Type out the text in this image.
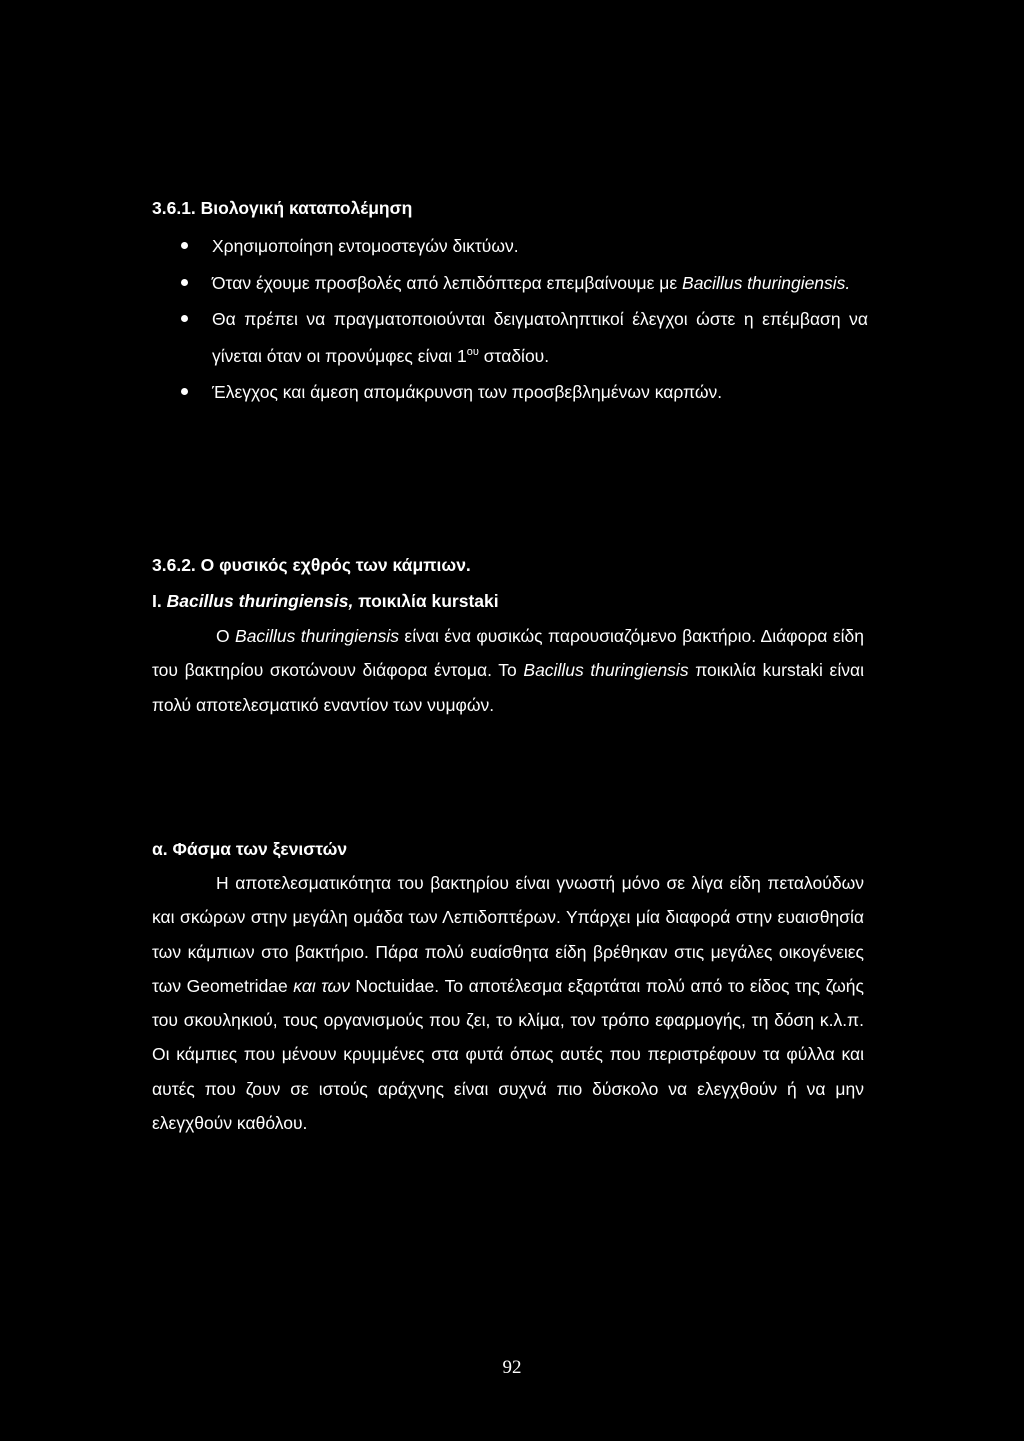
3.6.1. Βιολογική καταπολέμηση
Χρησιμοποίηση εντομοστεγών δικτύων.
Όταν έχουμε προσβολές από λεπιδόπτερα επεμβαίνουμε με Bacillus thuringiensis.
Θα πρέπει να πραγματοποιούνται δειγματοληπτικοί έλεγχοι ώστε η επέμβαση να γίνεται όταν οι προνύμφες είναι $1^{o\upsilon}$ σταδίου.
Έλεγχος και άμεση απομάκρυνση των προσβεβλημένων καρπών.
3.6.2. Ο φυσικός εχθρός των κάμπιων.
Ι. Bacillus thuringiensis, ποικιλία kurstaki

Ο Bacillus thuringiensis είναι ένα φυσικώς παρουσιαζόμενο βακτήριο. Διάφορα είδη του βακτηρίου σκοτώνουν διάφορα έντομα. Το Bacillus thuringiensis ποικιλία kurstaki είναι πολύ αποτελεσματικό εναντίον των νυμφών.

α. Φάσμα των ξενιστών

Η αποτελεσματικότητα του βακτηρίου είναι γνωστή μόνο σε λίγα είδη πεταλούδων και σκώρων στην μεγάλη ομάδα των Λεπιδοπτέρων. Υπάρχει μία διαφορά στην ευαισθησία των κάμπιων στο βακτήριο. Πάρα πολύ ευαίσθητα είδη βρέθηκαν στις μεγάλες οικογένειες των Geometridae και των Noctuidae. Το αποτέλεσμα εξαρτάται πολύ από το είδος της ζωής του σκουληκιού, τους οργανισμούς που ζει, το κλίμα, τον τρόπο εφαρμογής, τη δόση κ.λ.π. Οι κάμπιες που μένουν κρυμμένες στα φυτά όπως αυτές που περιστρέφουν τα φύλλα και αυτές που ζουν σε ιστούς αράχνης είναι συχνά πιο δύσκολο να ελεγχθούν ή να μην ελεγχθούν καθόλου.

92
